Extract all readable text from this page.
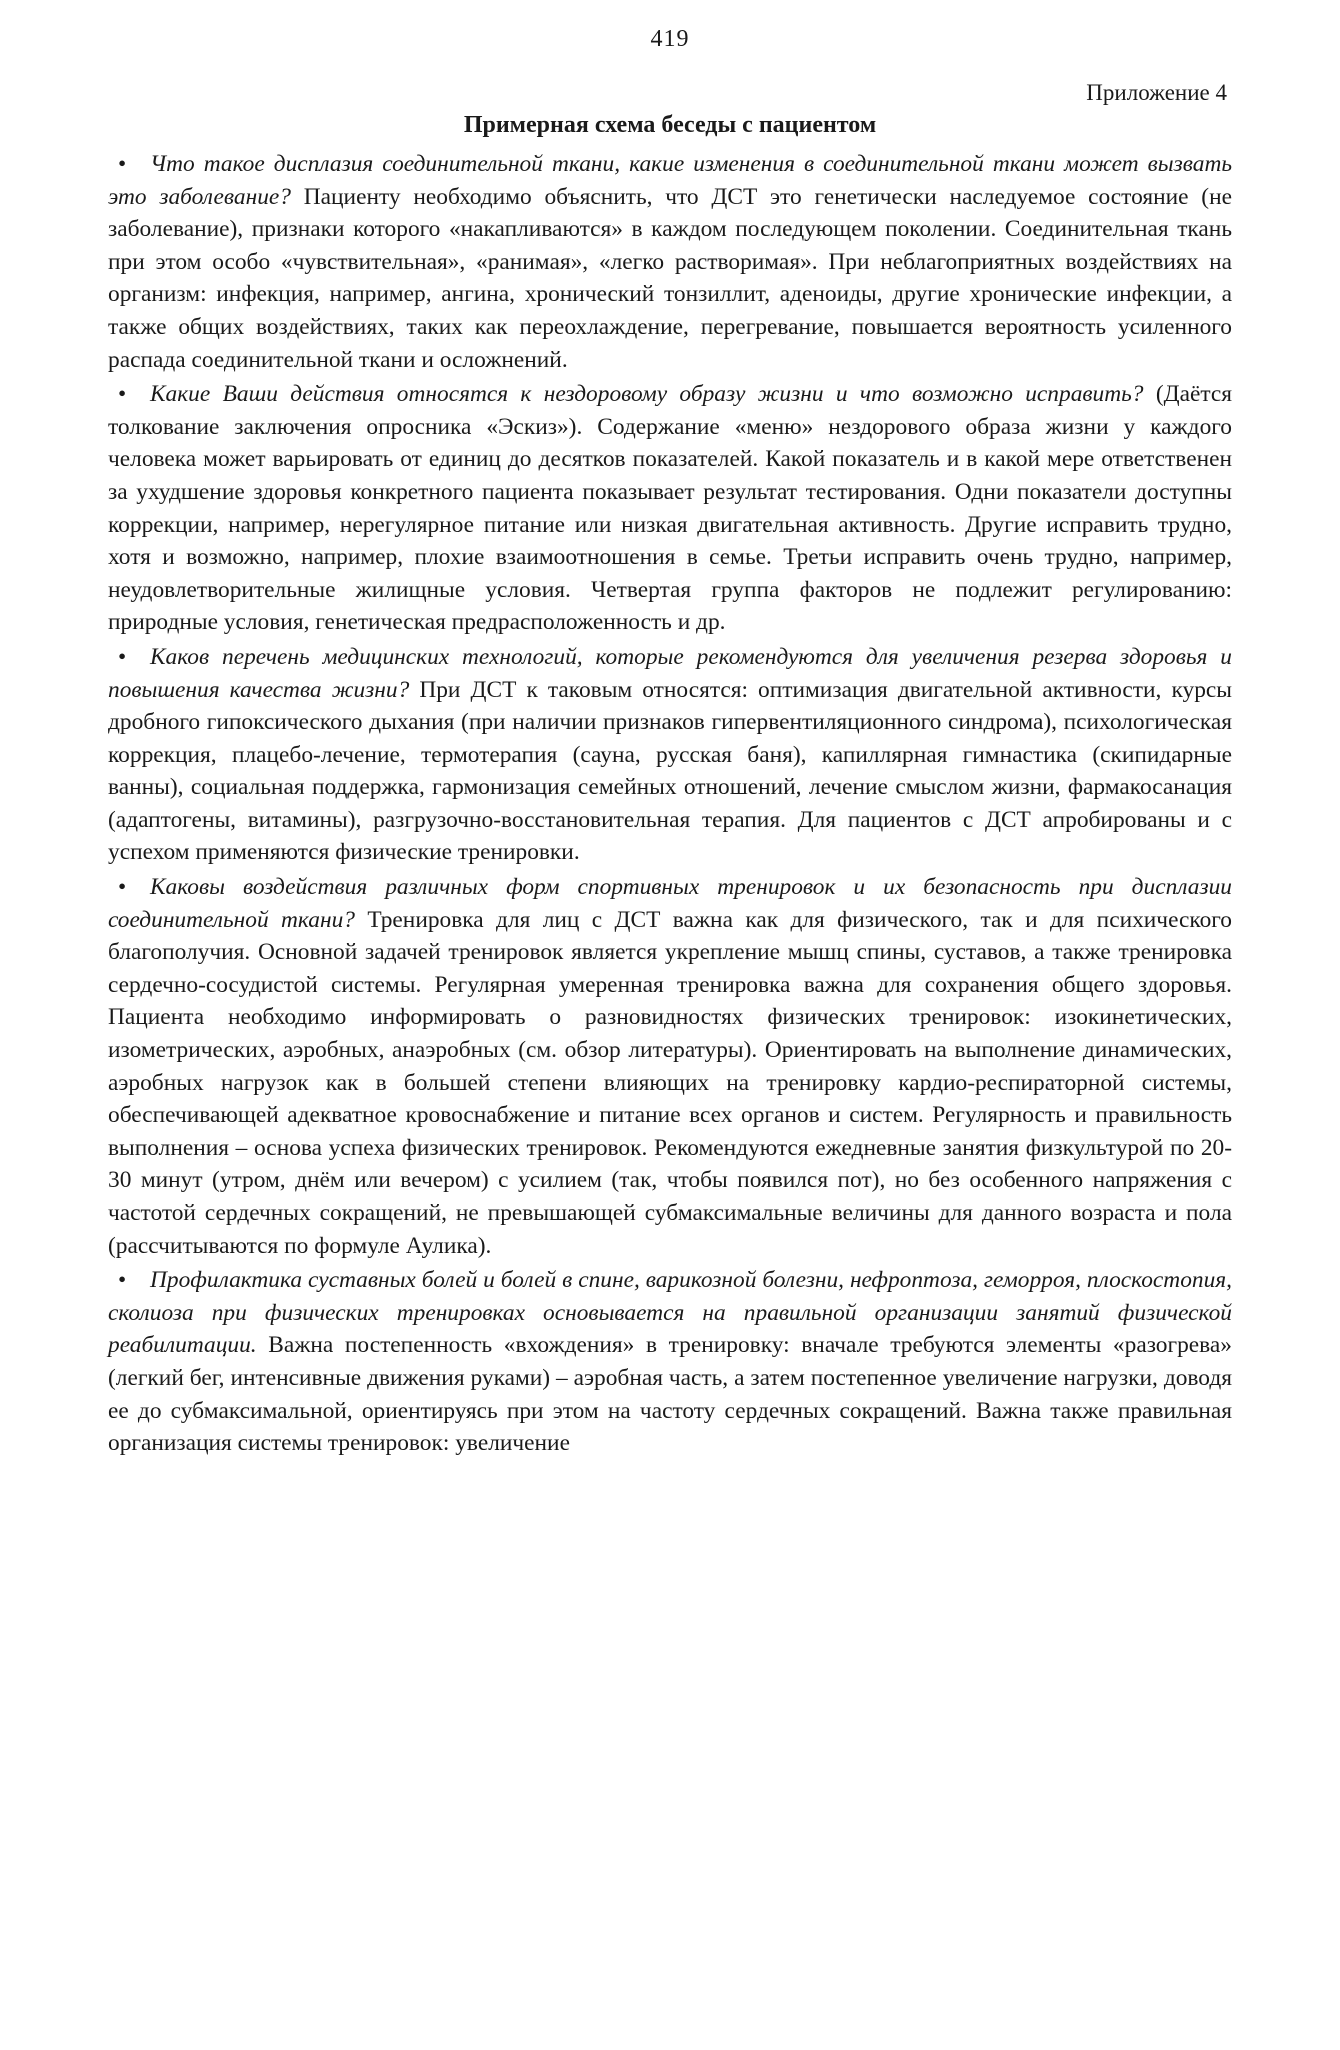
419
Приложение 4
Примерная схема беседы с пациентом

• Что такое дисплазия соединительной ткани, какие изменения в соединительной ткани может вызвать это заболевание? Пациенту необходимо объяснить, что ДСТ это генетически наследуемое состояние (не заболевание), признаки которого «накапливаются» в каждом последующем поколении. Соединительная ткань при этом особо «чувствительная», «ранимая», «легко растворимая». При неблагоприятных воздействиях на организм: инфекция, например, ангина, хронический тонзиллит, аденоиды, другие хронические инфекции, а также общих воздействиях, таких как переохлаждение, перегревание, повышается вероятность усиленного распада соединительной ткани и осложнений.

• Какие Ваши действия относятся к нездоровому образу жизни и что возможно исправить? (Даётся толкование заключения опросника «Эскиз»). Содержание «меню» нездорового образа жизни у каждого человека может варьировать от единиц до десятков показателей. Какой показатель и в какой мере ответственен за ухудшение здоровья конкретного пациента показывает результат тестирования. Одни показатели доступны коррекции, например, нерегулярное питание или низкая двигательная активность. Другие исправить трудно, хотя и возможно, например, плохие взаимоотношения в семье. Третьи исправить очень трудно, например, неудовлетворительные жилищные условия. Четвертая группа факторов не подлежит регулированию: природные условия, генетическая предрасположенность и др.

• Каков перечень медицинских технологий, которые рекомендуются для увеличения резерва здоровья и повышения качества жизни? При ДСТ к таковым относятся: оптимизация двигательной активности, курсы дробного гипоксического дыхания (при наличии признаков гипервентиляционного синдрома), психологическая коррекция, плацебо-лечение, термотерапия (сауна, русская баня), капиллярная гимнастика (скипидарные ванны), социальная поддержка, гармонизация семейных отношений, лечение смыслом жизни, фармакосанация (адаптогены, витамины), разгрузочно-восстановительная терапия. Для пациентов с ДСТ апробированы и с успехом применяются физические тренировки.

• Каковы воздействия различных форм спортивных тренировок и их безопасность при дисплазии соединительной ткани? Тренировка для лиц с ДСТ важна как для физического, так и для психического благополучия. Основной задачей тренировок является укрепление мышц спины, суставов, а также тренировка сердечно-сосудистой системы. Регулярная умеренная тренировка важна для сохранения общего здоровья. Пациента необходимо информировать о разновидностях физических тренировок: изокинетических, изометрических, аэробных, анаэробных (см. обзор литературы). Ориентировать на выполнение динамических, аэробных нагрузок как в большей степени влияющих на тренировку кардио-респираторной системы, обеспечивающей адекватное кровоснабжение и питание всех органов и систем. Регулярность и правильность выполнения – основа успеха физических тренировок. Рекомендуются ежедневные занятия физкультурой по 20-30 минут (утром, днём или вечером) с усилием (так, чтобы появился пот), но без особенного напряжения с частотой сердечных сокращений, не превышающей субмаксимальные величины для данного возраста и пола (рассчитываются по формуле Аулика).

• Профилактика суставных болей и болей в спине, варикозной болезни, нефроптоза, геморроя, плоскостопия, сколиоза при физических тренировках основывается на правильной организации занятий физической реабилитации. Важна постепенность «вхождения» в тренировку: вначале требуются элементы «разогрева» (легкий бег, интенсивные движения руками) – аэробная часть, а затем постепенное увеличение нагрузки, доводя ее до субмаксимальной, ориентируясь при этом на частоту сердечных сокращений. Важна также правильная организация системы тренировок: увеличение
